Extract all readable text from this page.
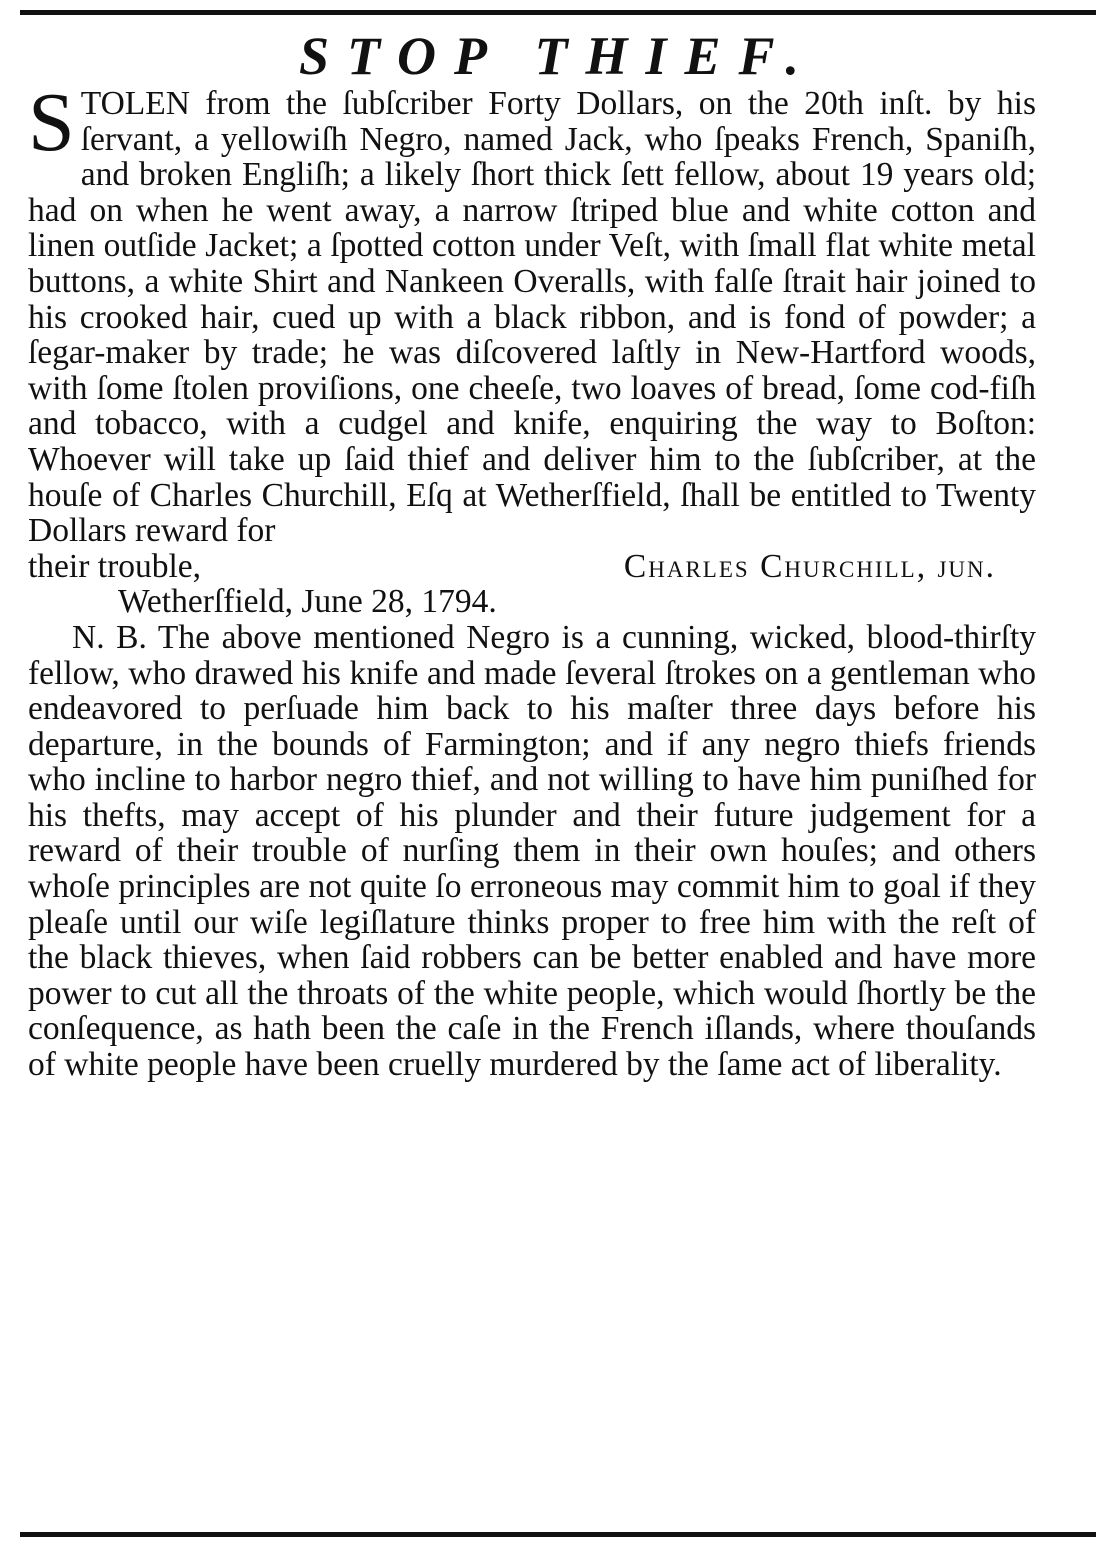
STOP THIEF.

STOLEN from the ſubſcriber Forty Dollars, on the 20th inſt. by his ſervant, a yellowiſh Negro, named Jack, who ſpeaks French, Spaniſh, and broken Engliſh; a likely ſhort thick ſett fellow, about 19 years old; had on when he went away, a narrow ſtriped blue and white cotton and linen outſide Jacket; a ſpotted cotton under Veſt, with ſmall flat white metal buttons, a white Shirt and Nankeen Overalls, with falſe ſtrait hair joined to his crooked hair, cued up with a black ribbon, and is fond of powder; a ſegar-maker by trade; he was diſcovered laſtly in New-Hartford woods, with ſome ſtolen proviſions, one cheeſe, two loaves of bread, ſome cod-fiſh and tobacco, with a cudgel and knife, enquiring the way to Boſton: Whoever will take up ſaid thief and deliver him to the ſubſcriber, at the houſe of Charles Churchill, Eſq at Wetherſfield, ſhall be entitled to Twenty Dollars reward for

their trouble,	Charles Churchill, jun.

Wetherſfield, June 28, 1794.

N. B. The above mentioned Negro is a cunning, wicked, blood-thirſty fellow, who drawed his knife and made ſeveral ſtrokes on a gentleman who endeavored to perſuade him back to his maſter three days before his departure, in the bounds of Farmington; and if any negro thiefs friends who incline to harbor negro thief, and not willing to have him puniſhed for his thefts, may accept of his plunder and their future judgement for a reward of their trouble of nurſing them in their own houſes; and others whoſe principles are not quite ſo erroneous may commit him to goal if they pleaſe until our wiſe legiſlature thinks proper to free him with the reſt of the black thieves, when ſaid robbers can be better enabled and have more power to cut all the throats of the white people, which would ſhortly be the conſequence, as hath been the caſe in the French iſlands, where thouſands of white people have been cruelly murdered by the ſame act of liberality.
